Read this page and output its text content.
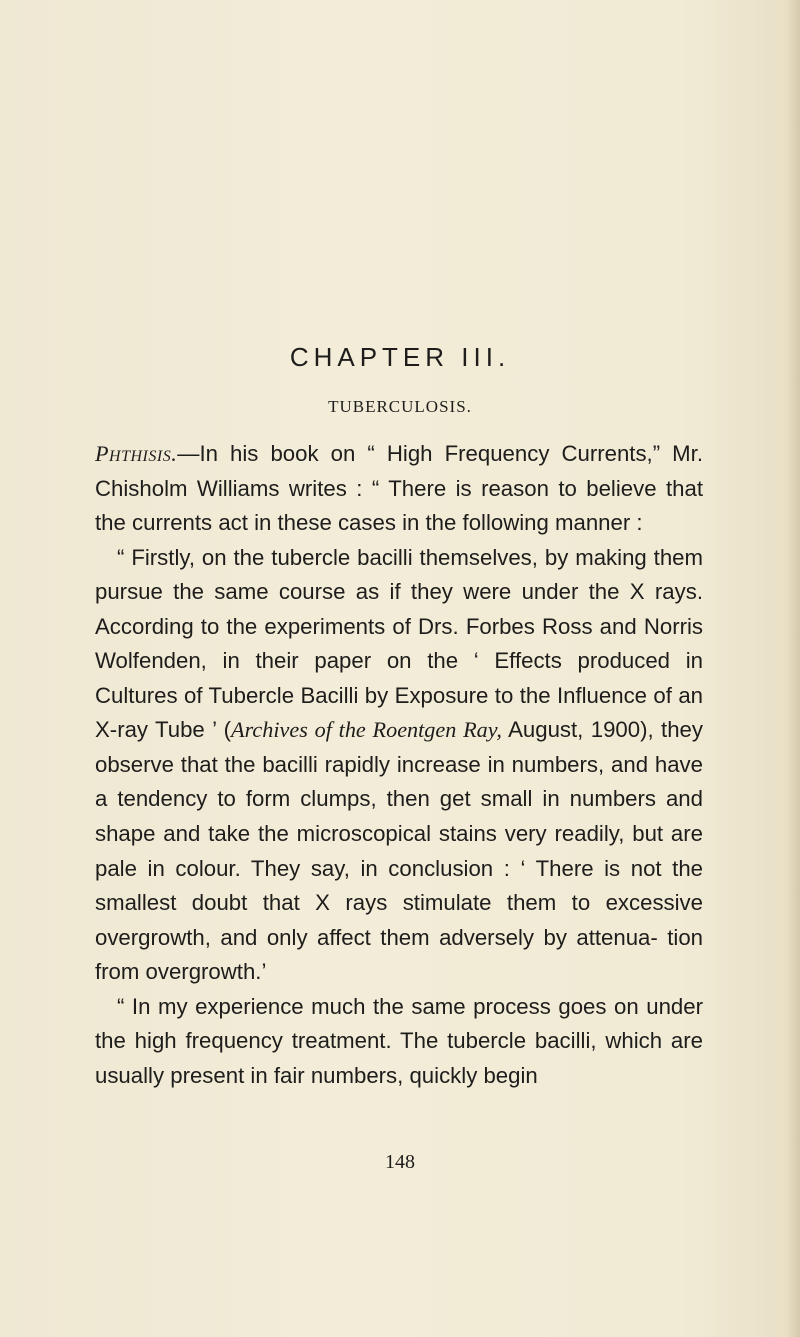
CHAPTER III.
TUBERCULOSIS.

Phthisis.—In his book on “ High Frequency Currents,” Mr. Chisholm Williams writes : “ There is reason to believe that the currents act in these cases in the following manner :

“ Firstly, on the tubercle bacilli themselves, by making them pursue the same course as if they were under the X rays. According to the experiments of Drs. Forbes Ross and Norris Wolfenden, in their paper on the ‘ Effects produced in Cultures of Tubercle Bacilli by Exposure to the Influence of an X-ray Tube ’ (Archives of the Roentgen Ray, August, 1900), they observe that the bacilli rapidly increase in numbers, and have a tendency to form clumps, then get small in numbers and shape and take the microscopical stains very readily, but are pale in colour. They say, in conclusion : ‘ There is not the smallest doubt that X rays stimulate them to excessive overgrowth, and only affect them adversely by attenua- tion from overgrowth.’

“ In my experience much the same process goes on under the high frequency treatment. The tubercle bacilli, which are usually present in fair numbers, quickly begin

148
